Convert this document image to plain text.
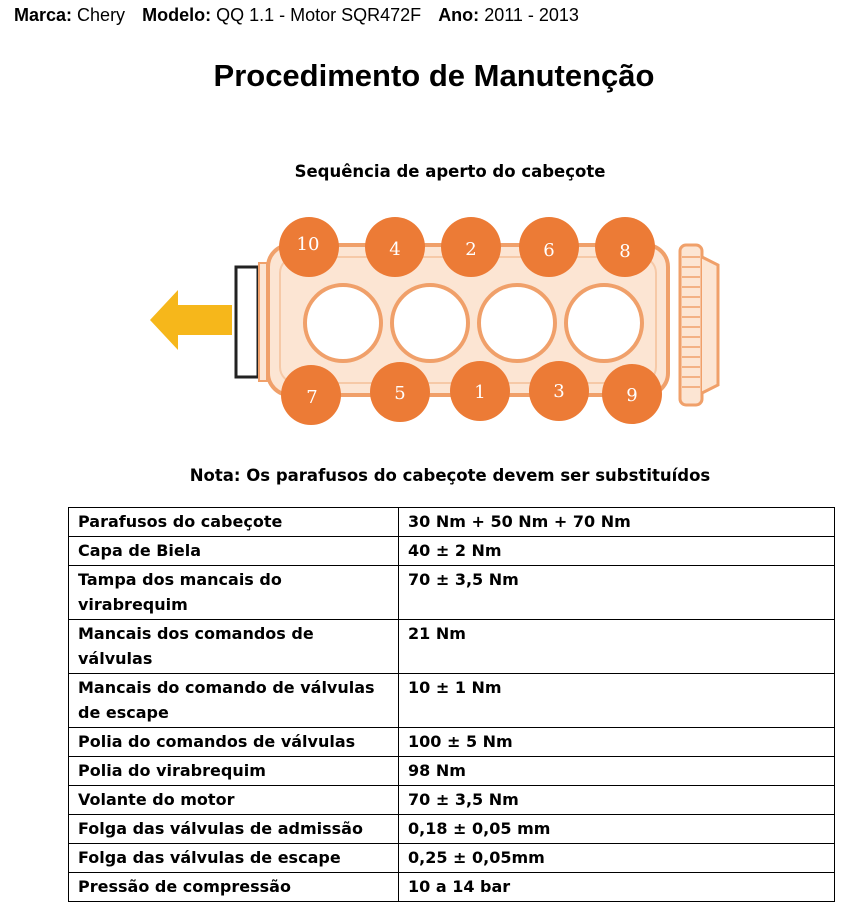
Marca: Chery Modelo: QQ 1.1 - Motor SQR472F Ano: 2011 - 2013
Procedimento de Manutenção
Sequência de aperto do cabeçote
10	4	2	6	8
7	5	1	3	9
Nota: Os parafusos do cabeçote devem ser substituídos
Parafusos do cabeçote	30 Nm + 50 Nm + 70 Nm
Capa de Biela	40 ± 2 Nm
Tampa dos mancais do virabrequim	70 ± 3,5 Nm
Mancais dos comandos de válvulas	21 Nm
Mancais do comando de válvulas de escape	10 ± 1 Nm
Polia do comandos de válvulas	100 ± 5 Nm
Polia do virabrequim	98 Nm
Volante do motor	70 ± 3,5 Nm
Folga das válvulas de admissão	0,18 ± 0,05 mm
Folga das válvulas de escape	0,25 ± 0,05mm
Pressão de compressão	10 a 14 bar
